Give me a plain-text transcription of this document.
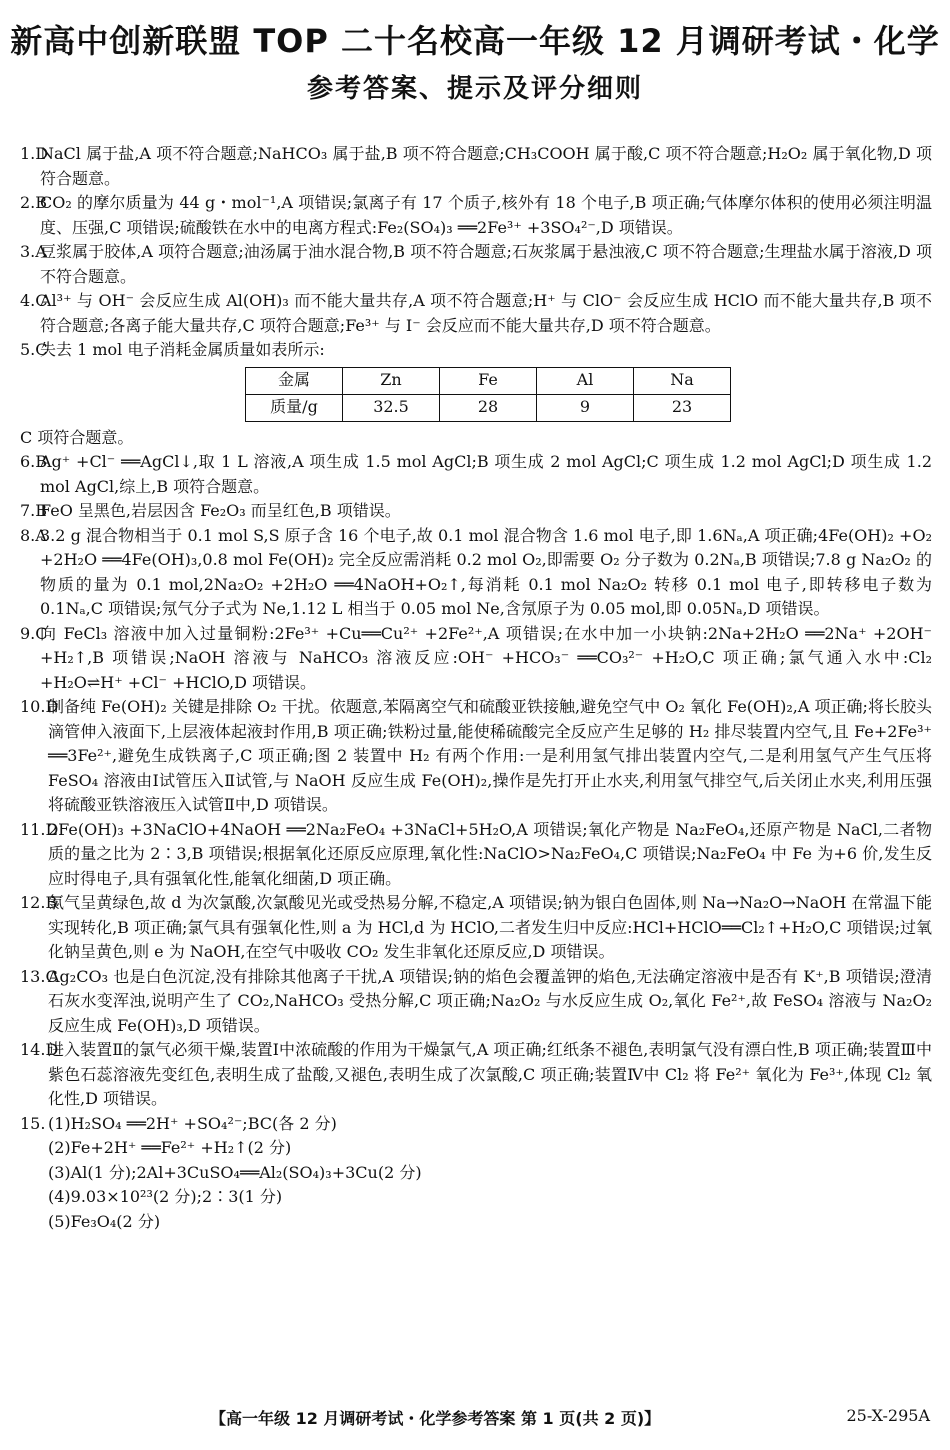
新高中创新联盟 TOP 二十名校高一年级 12 月调研考试・化学
参考答案、提示及评分细则
1.D
NaCl 属于盐,A 项不符合题意;NaHCO₃ 属于盐,B 项不符合题意;CH₃COOH 属于酸,C 项不符合题意;H₂O₂ 属于氧化物,D 项符合题意。
2.B
CO₂ 的摩尔质量为 44 g・mol⁻¹,A 项错误;氯离子有 17 个质子,核外有 18 个电子,B 项正确;气体摩尔体积的使用必须注明温度、压强,C 项错误;硫酸铁在水中的电离方程式:Fe₂(SO₄)₃ ══2Fe³⁺ +3SO₄²⁻,D 项错误。
3.A
豆浆属于胶体,A 项符合题意;油汤属于油水混合物,B 项不符合题意;石灰浆属于悬浊液,C 项不符合题意;生理盐水属于溶液,D 项不符合题意。
4.C
Al³⁺ 与 OH⁻ 会反应生成 Al(OH)₃ 而不能大量共存,A 项不符合题意;H⁺ 与 ClO⁻ 会反应生成 HClO 而不能大量共存,B 项不符合题意;各离子能大量共存,C 项符合题意;Fe³⁺ 与 I⁻ 会反应而不能大量共存,D 项不符合题意。
5.C
失去 1 mol 电子消耗金属质量如表所示:
金属	Zn	Fe	Al	Na
质量/g	32.5	28	9	23
C 项符合题意。
6.B
Ag⁺ +Cl⁻ ══AgCl↓,取 1 L 溶液,A 项生成 1.5 mol AgCl;B 项生成 2 mol AgCl;C 项生成 1.2 mol AgCl;D 项生成 1.2 mol AgCl,综上,B 项符合题意。
7.B
FeO 呈黑色,岩层因含 Fe₂O₃ 而呈红色,B 项错误。
8.A
3.2 g 混合物相当于 0.1 mol S,S 原子含 16 个电子,故 0.1 mol 混合物含 1.6 mol 电子,即 1.6Nₐ,A 项正确;4Fe(OH)₂ +O₂ +2H₂O ══4Fe(OH)₃,0.8 mol Fe(OH)₂ 完全反应需消耗 0.2 mol O₂,即需要 O₂ 分子数为 0.2Nₐ,B 项错误;7.8 g Na₂O₂ 的物质的量为 0.1 mol,2Na₂O₂ +2H₂O ══4NaOH+O₂↑,每消耗 0.1 mol Na₂O₂ 转移 0.1 mol 电子,即转移电子数为 0.1Nₐ,C 项错误;氖气分子式为 Ne,1.12 L 相当于 0.05 mol Ne,含氖原子为 0.05 mol,即 0.05Nₐ,D 项错误。
9.C
向 FeCl₃ 溶液中加入过量铜粉:2Fe³⁺ +Cu══Cu²⁺ +2Fe²⁺,A 项错误;在水中加一小块钠:2Na+2H₂O ══2Na⁺ +2OH⁻ +H₂↑,B 项错误;NaOH 溶液与 NaHCO₃ 溶液反应:OH⁻ +HCO₃⁻ ══CO₃²⁻ +H₂O,C 项正确;氯气通入水中:Cl₂ +H₂O⇌H⁺ +Cl⁻ +HClO,D 项错误。
10.D
制备纯 Fe(OH)₂ 关键是排除 O₂ 干扰。依题意,苯隔离空气和硫酸亚铁接触,避免空气中 O₂ 氧化 Fe(OH)₂,A 项正确;将长胶头滴管伸入液面下,上层液体起液封作用,B 项正确;铁粉过量,能使稀硫酸完全反应产生足够的 H₂ 排尽装置内空气,且 Fe+2Fe³⁺ ══3Fe²⁺,避免生成铁离子,C 项正确;图 2 装置中 H₂ 有两个作用:一是利用氢气排出装置内空气,二是利用氢气产生气压将 FeSO₄ 溶液由Ⅰ试管压入Ⅱ试管,与 NaOH 反应生成 Fe(OH)₂,操作是先打开止水夹,利用氢气排空气,后关闭止水夹,利用压强将硫酸亚铁溶液压入试管Ⅱ中,D 项错误。
11.D
2Fe(OH)₃ +3NaClO+4NaOH ══2Na₂FeO₄ +3NaCl+5H₂O,A 项错误;氧化产物是 Na₂FeO₄,还原产物是 NaCl,二者物质的量之比为 2∶3,B 项错误;根据氧化还原反应原理,氧化性:NaClO>Na₂FeO₄,C 项错误;Na₂FeO₄ 中 Fe 为+6 价,发生反应时得电子,具有强氧化性,能氧化细菌,D 项正确。
12.B
氯气呈黄绿色,故 d 为次氯酸,次氯酸见光或受热易分解,不稳定,A 项错误;钠为银白色固体,则 Na→Na₂O→NaOH 在常温下能实现转化,B 项正确;氯气具有强氧化性,则 a 为 HCl,d 为 HClO,二者发生归中反应:HCl+HClO══Cl₂↑+H₂O,C 项错误;过氧化钠呈黄色,则 e 为 NaOH,在空气中吸收 CO₂ 发生非氧化还原反应,D 项错误。
13.C
Ag₂CO₃ 也是白色沉淀,没有排除其他离子干扰,A 项错误;钠的焰色会覆盖钾的焰色,无法确定溶液中是否有 K⁺,B 项错误;澄清石灰水变浑浊,说明产生了 CO₂,NaHCO₃ 受热分解,C 项正确;Na₂O₂ 与水反应生成 O₂,氧化 Fe²⁺,故 FeSO₄ 溶液与 Na₂O₂ 反应生成 Fe(OH)₃,D 项错误。
14.D
进入装置Ⅱ的氯气必须干燥,装置Ⅰ中浓硫酸的作用为干燥氯气,A 项正确;红纸条不褪色,表明氯气没有漂白性,B 项正确;装置Ⅲ中紫色石蕊溶液先变红色,表明生成了盐酸,又褪色,表明生成了次氯酸,C 项正确;装置Ⅳ中 Cl₂ 将 Fe²⁺ 氧化为 Fe³⁺,体现 Cl₂ 氧化性,D 项错误。
15. (1)H₂SO₄ ══2H⁺ +SO₄²⁻;BC(各 2 分)
(2)Fe+2H⁺ ══Fe²⁺ +H₂↑(2 分)
(3)Al(1 分);2Al+3CuSO₄══Al₂(SO₄)₃+3Cu(2 分)
(4)9.03×10²³(2 分);2∶3(1 分)
(5)Fe₃O₄(2 分)
【高一年级 12 月调研考试・化学参考答案 第 1 页(共 2 页)】	25-X-295A
